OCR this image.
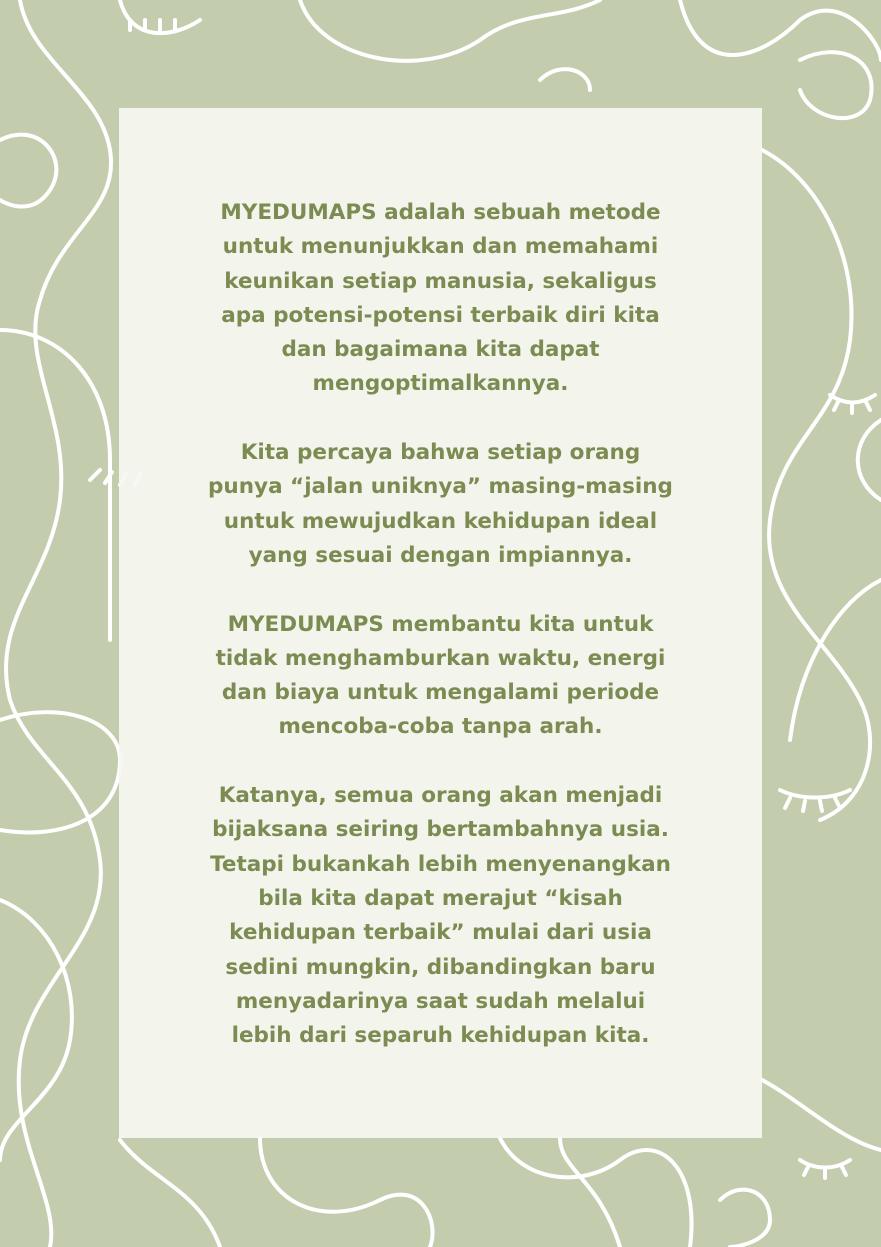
MYEDUMAPS adalah sebuah metode
untuk menunjukkan dan memahami
keunikan setiap manusia, sekaligus
apa potensi-potensi terbaik diri kita
dan bagaimana kita dapat
mengoptimalkannya.
Kita percaya bahwa setiap orang
punya “jalan uniknya” masing-masing
untuk mewujudkan kehidupan ideal
yang sesuai dengan impiannya.
MYEDUMAPS membantu kita untuk
tidak menghamburkan waktu, energi
dan biaya untuk mengalami periode
mencoba-coba tanpa arah.
Katanya, semua orang akan menjadi
bijaksana seiring bertambahnya usia.
Tetapi bukankah lebih menyenangkan
bila kita dapat merajut “kisah
kehidupan terbaik” mulai dari usia
sedini mungkin, dibandingkan baru
menyadarinya saat sudah melalui
lebih dari separuh kehidupan kita.
